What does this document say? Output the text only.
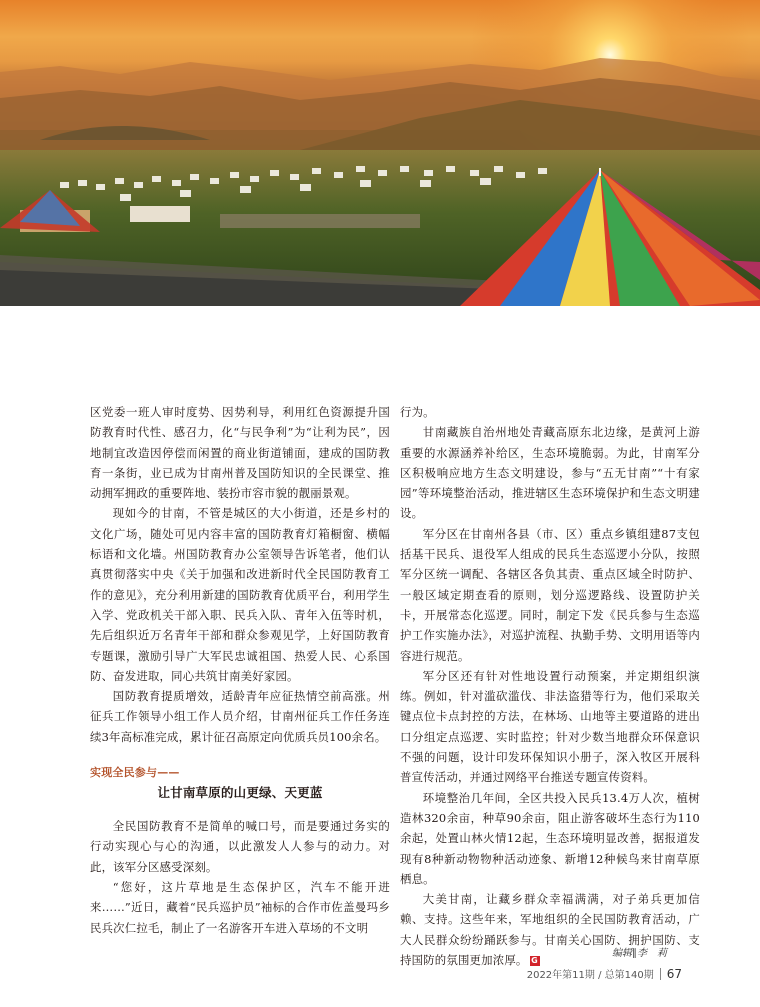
区党委一班人审时度势、因势利导，利用红色资源提升国防教育时代性、感召力，化“与民争利”为“让利为民”，因地制宜改造因停偿而闲置的商业街道铺面，建成的国防教育一条街，业已成为甘南州普及国防知识的全民课堂、推动拥军拥政的重要阵地、装扮市容市貌的靓丽景观。

现如今的甘南，不管是城区的大小街道，还是乡村的文化广场，随处可见内容丰富的国防教育灯箱橱窗、横幅标语和文化墙。州国防教育办公室领导告诉笔者，他们认真贯彻落实中央《关于加强和改进新时代全民国防教育工作的意见》，充分利用新建的国防教育优质平台，利用学生入学、党政机关干部入职、民兵入队、青年入伍等时机，先后组织近万名青年干部和群众参观见学，上好国防教育专题课，激励引导广大军民忠诚祖国、热爱人民、心系国防、奋发进取，同心共筑甘南美好家园。

国防教育提质增效，适龄青年应征热情空前高涨。州征兵工作领导小组工作人员介绍，甘南州征兵工作任务连续3年高标准完成，累计征召高原定向优质兵员100余名。

实现全民参与——
让甘南草原的山更绿、天更蓝

全民国防教育不是简单的喊口号，而是要通过务实的行动实现心与心的沟通，以此激发人人参与的动力。对此，该军分区感受深刻。

“您好，这片草地是生态保护区，汽车不能开进来……”近日，藏着“民兵巡护员”袖标的合作市佐盖曼玛乡民兵次仁拉毛，制止了一名游客开车进入草场的不文明

行为。

甘南藏族自治州地处青藏高原东北边缘，是黄河上游重要的水源涵养补给区，生态环境脆弱。为此，甘南军分区积极响应地方生态文明建设，参与“五无甘南”“十有家园”等环境整治活动，推进辖区生态环境保护和生态文明建设。

军分区在甘南州各县（市、区）重点乡镇组建87支包括基干民兵、退役军人组成的民兵生态巡逻小分队，按照军分区统一调配、各辖区各负其责、重点区域全时防护、一般区域定期查看的原则，划分巡逻路线、设置防护关卡，开展常态化巡逻。同时，制定下发《民兵参与生态巡护工作实施办法》，对巡护流程、执勤手势、文明用语等内容进行规范。

军分区还有针对性地设置行动预案，并定期组织演练。例如，针对滥砍滥伐、非法盗猎等行为，他们采取关键点位卡点封控的方法，在林场、山地等主要道路的进出口分组定点巡逻、实时监控；针对少数当地群众环保意识不强的问题，设计印发环保知识小册子，深入牧区开展科普宣传活动，并通过网络平台推送专题宣传资料。

环境整治几年间，全区共投入民兵13.4万人次，植树造林320余亩，种草90余亩，阻止游客破坏生态行为110余起，处置山林火情12起，生态环境明显改善，据报道发现有8种新动物物种活动迹象、新增12种候鸟来甘南草原栖息。

大美甘南，让藏乡群众幸福满满，对子弟兵更加信赖、支持。这些年来，军地组织的全民国防教育活动，广大人民群众纷纷踊跃参与。甘南关心国防、拥护国防、支持国防的氛围更加浓厚。 G

编辑∥李　莉
2022年第11期 / 总第140期 67
